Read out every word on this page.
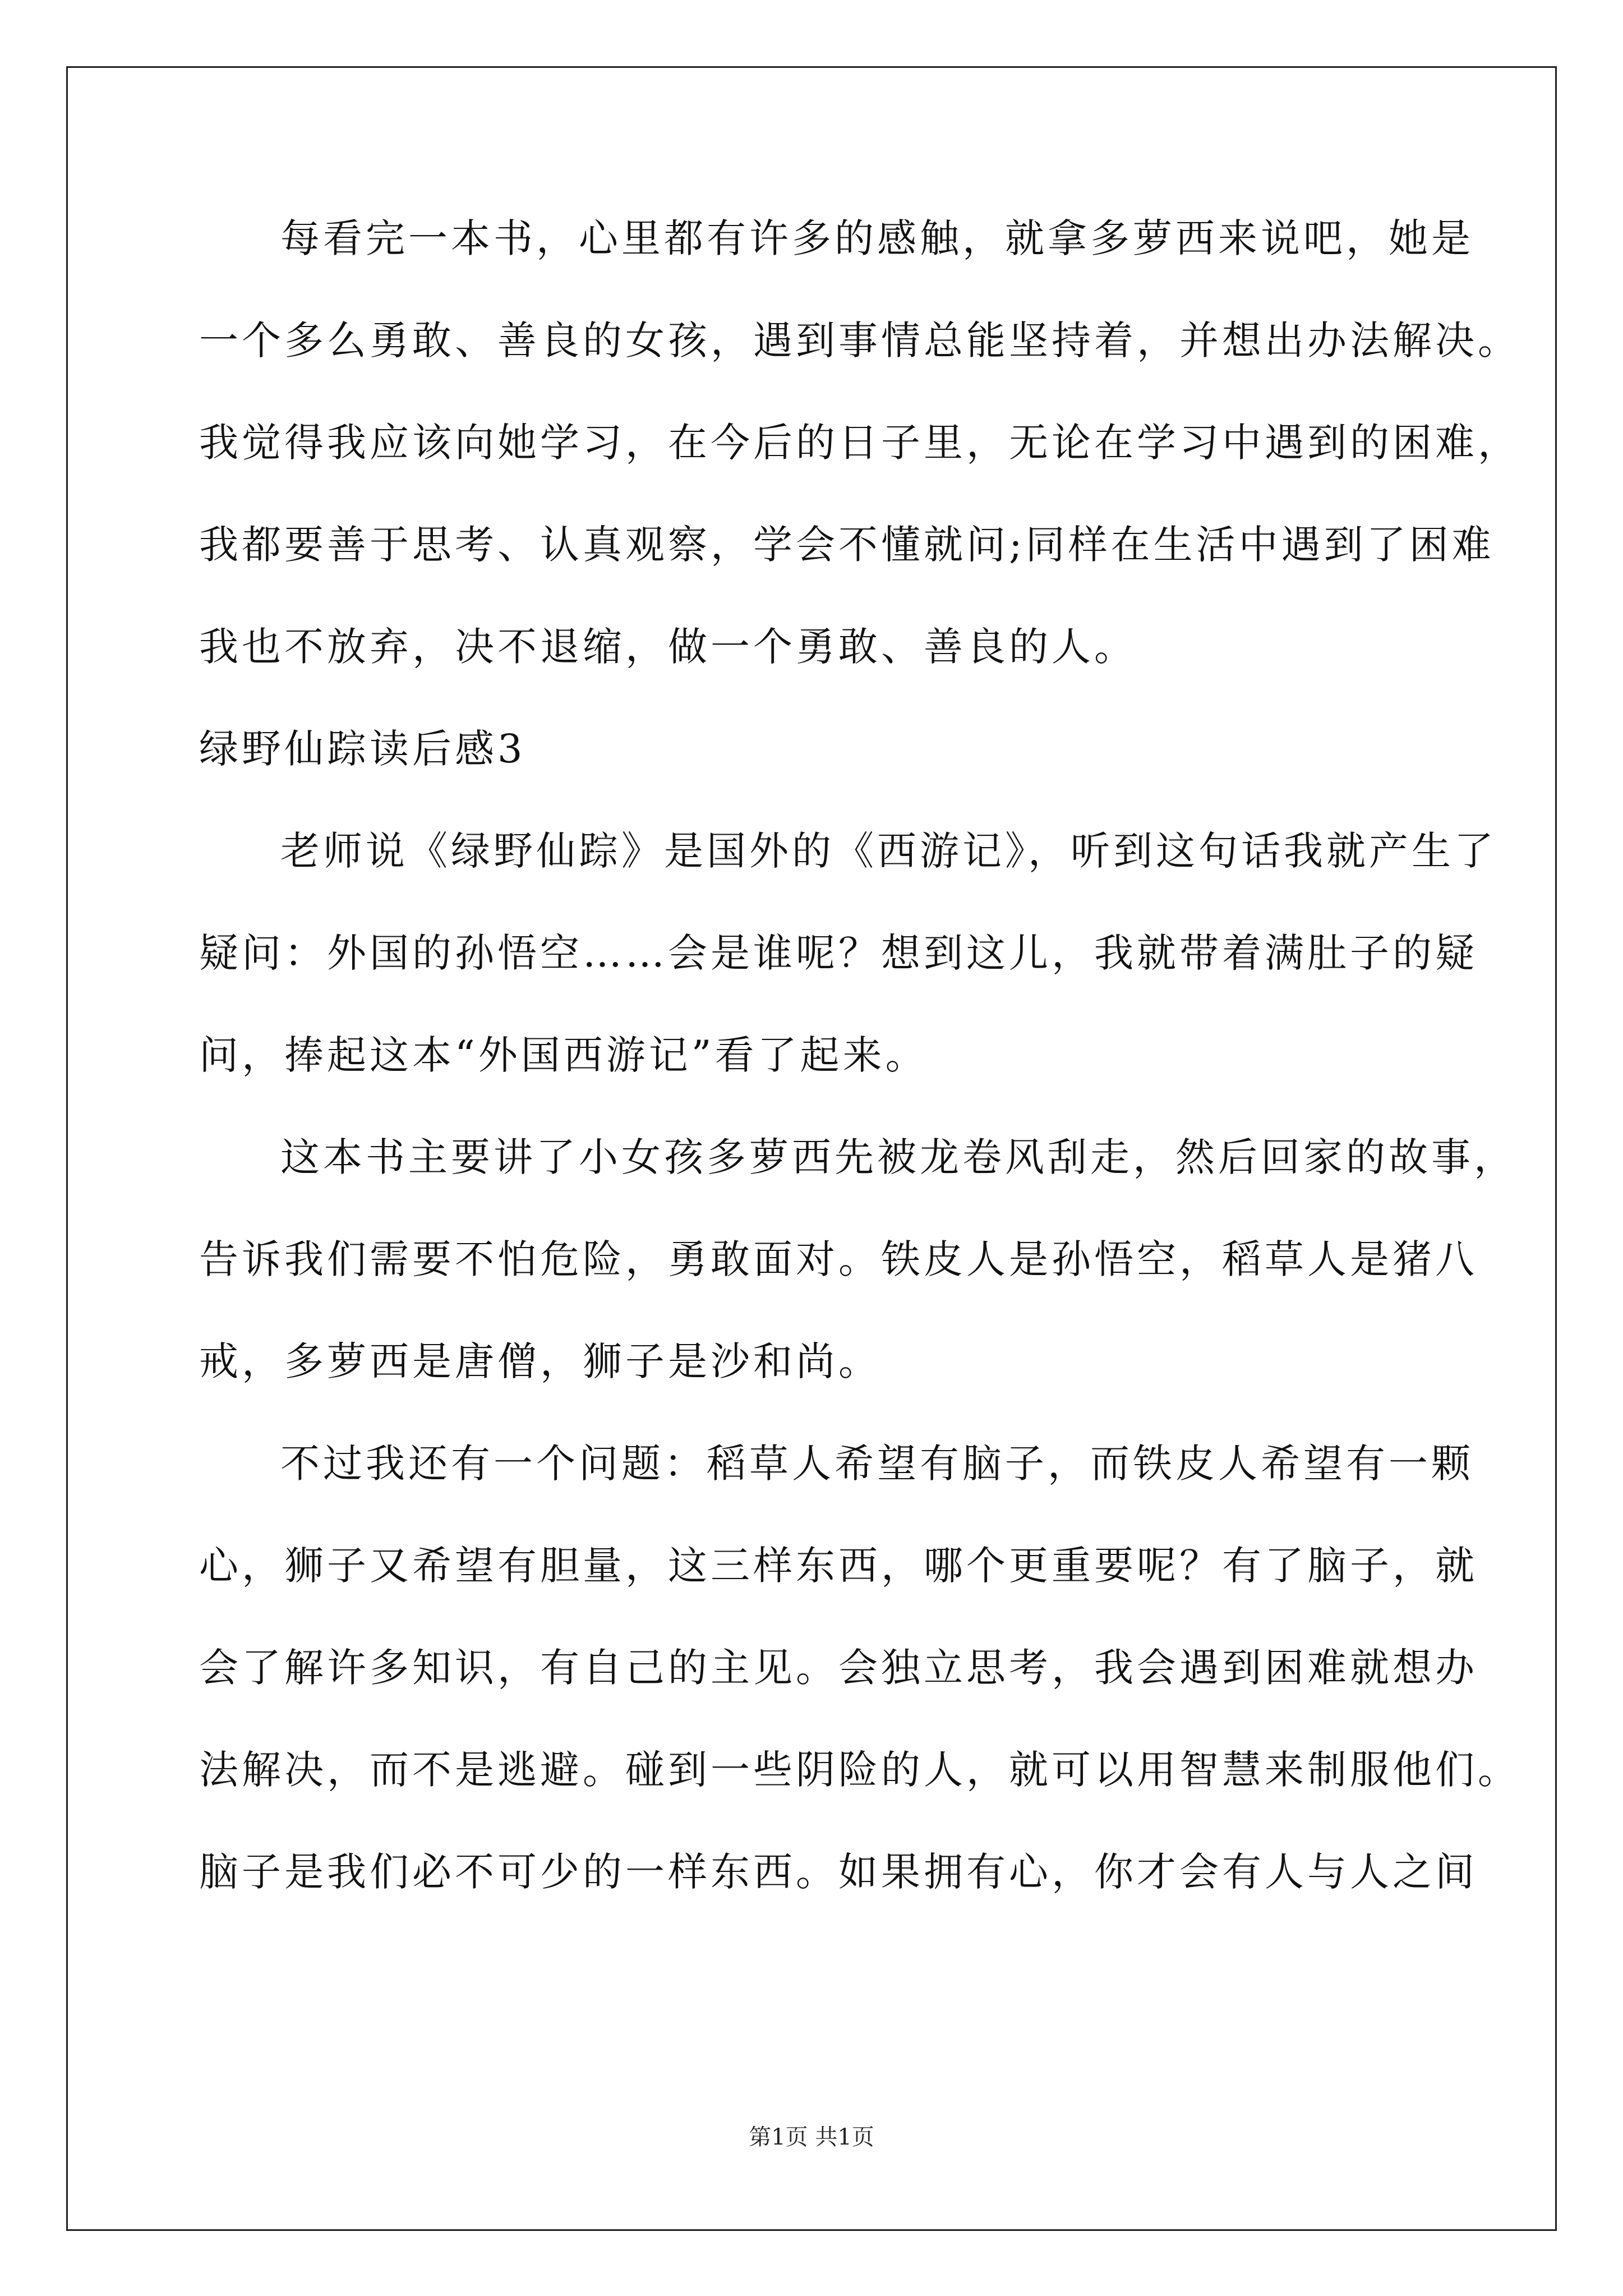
每看完一本书，心里都有许多的感触，就拿多萝西来说吧，她是
一个多么勇敢、善良的女孩，遇到事情总能坚持着，并想出办法解决。
我觉得我应该向她学习，在今后的日子里，无论在学习中遇到的困难，
我都要善于思考、认真观察，学会不懂就问;同样在生活中遇到了困难
我也不放弃，决不退缩，做一个勇敢、善良的人。
绿野仙踪读后感3
老师说《绿野仙踪》是国外的《西游记》，听到这句话我就产生了
疑问：外国的孙悟空……会是谁呢？想到这儿，我就带着满肚子的疑
问，捧起这本“外国西游记”看了起来。
这本书主要讲了小女孩多萝西先被龙卷风刮走，然后回家的故事，
告诉我们需要不怕危险，勇敢面对。铁皮人是孙悟空，稻草人是猪八
戒，多萝西是唐僧，狮子是沙和尚。
不过我还有一个问题：稻草人希望有脑子，而铁皮人希望有一颗
心，狮子又希望有胆量，这三样东西，哪个更重要呢？有了脑子，就
会了解许多知识，有自己的主见。会独立思考，我会遇到困难就想办
法解决，而不是逃避。碰到一些阴险的人，就可以用智慧来制服他们。
脑子是我们必不可少的一样东西。如果拥有心，你才会有人与人之间
第1页 共1页
